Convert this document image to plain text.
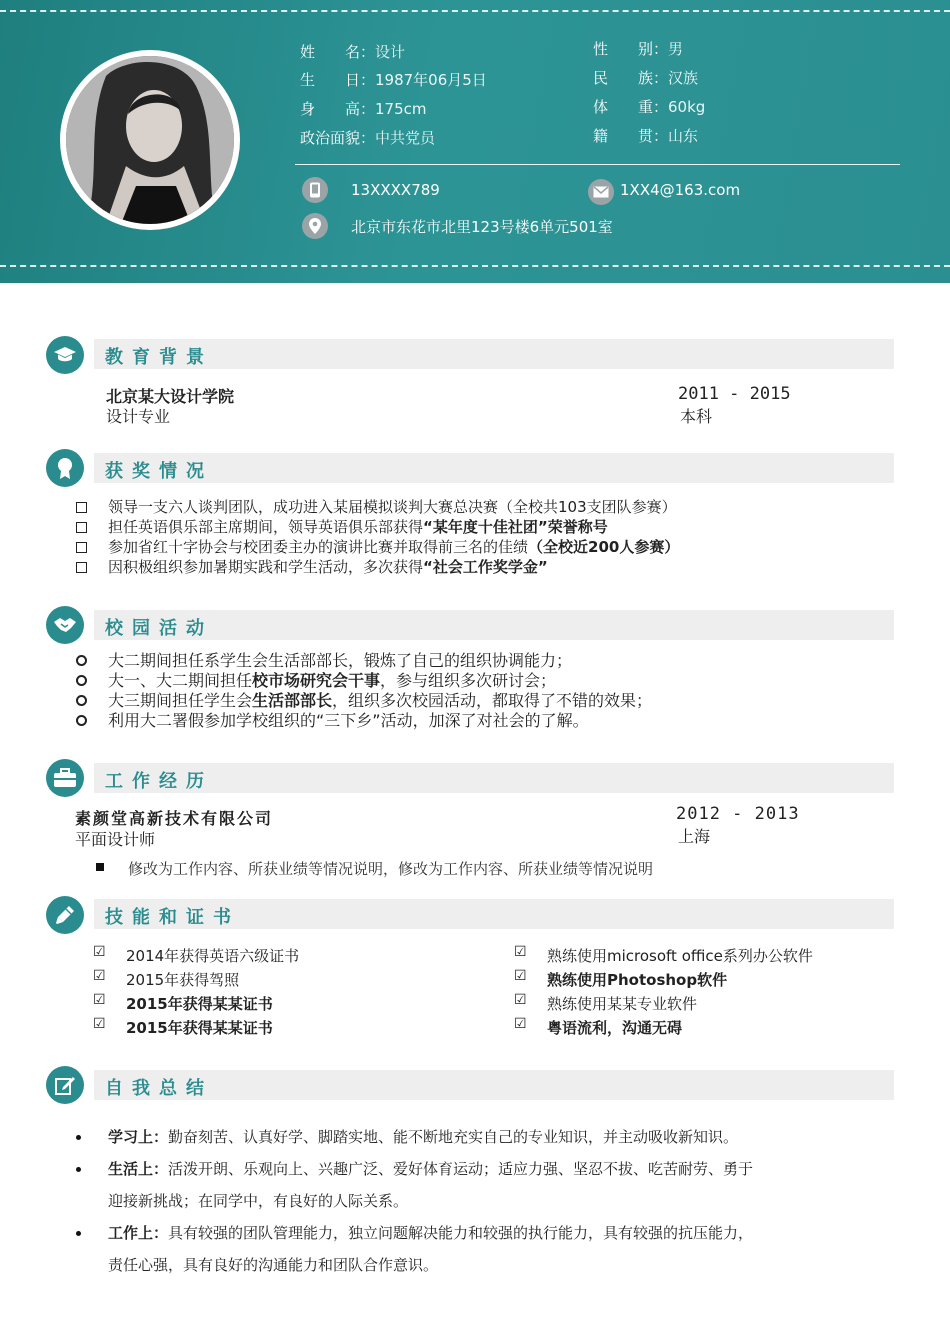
姓　　名：设计
生　　日：1987年06月5日
身　　高：175cm
政治面貌：中共党员
性　　别：男
民　　族：汉族
体　　重：60kg
籍　　贯：山东
13XXXX789	1XX4@163.com
北京市东花市北里123号楼6单元501室
教育背景
北京某大设计学院
设计专业
2011 - 2015
本科
获奖情况
领导一支六人谈判团队，成功进入某届模拟谈判大赛总决赛（全校共103支团队参赛）
担任英语俱乐部主席期间，领导英语俱乐部获得“某年度十佳社团”荣誉称号
参加省红十字协会与校团委主办的演讲比赛并取得前三名的佳绩（全校近200人参赛）
因积极组织参加暑期实践和学生活动，多次获得“社会工作奖学金”
校园活动
大二期间担任系学生会生活部部长，锻炼了自己的组织协调能力；
大一、大二期间担任校市场研究会干事，参与组织多次研讨会；
大三期间担任学生会生活部部长，组织多次校园活动，都取得了不错的效果；
利用大二署假参加学校组织的“三下乡”活动，加深了对社会的了解。
工作经历
素颜堂高新技术有限公司
平面设计师
2012 - 2013
上海
修改为工作内容、所获业绩等情况说明，修改为工作内容、所获业绩等情况说明
技能和证书
☑ 2014年获得英语六级证书
☑ 2015年获得驾照
☑ 2015年获得某某证书
☑ 2015年获得某某证书
☑ 熟练使用microsoft office系列办公软件
☑ 熟练使用Photoshop软件
☑ 熟练使用某某专业软件
☑ 粤语流利，沟通无碍
自我总结
学习上：勤奋刻苦、认真好学、脚踏实地、能不断地充实自己的专业知识，并主动吸收新知识。
生活上：活泼开朗、乐观向上、兴趣广泛、爱好体育运动；适应力强、坚忍不拔、吃苦耐劳、勇于
迎接新挑战；在同学中，有良好的人际关系。
工作上：具有较强的团队管理能力，独立问题解决能力和较强的执行能力，具有较强的抗压能力，
责任心强，具有良好的沟通能力和团队合作意识。
